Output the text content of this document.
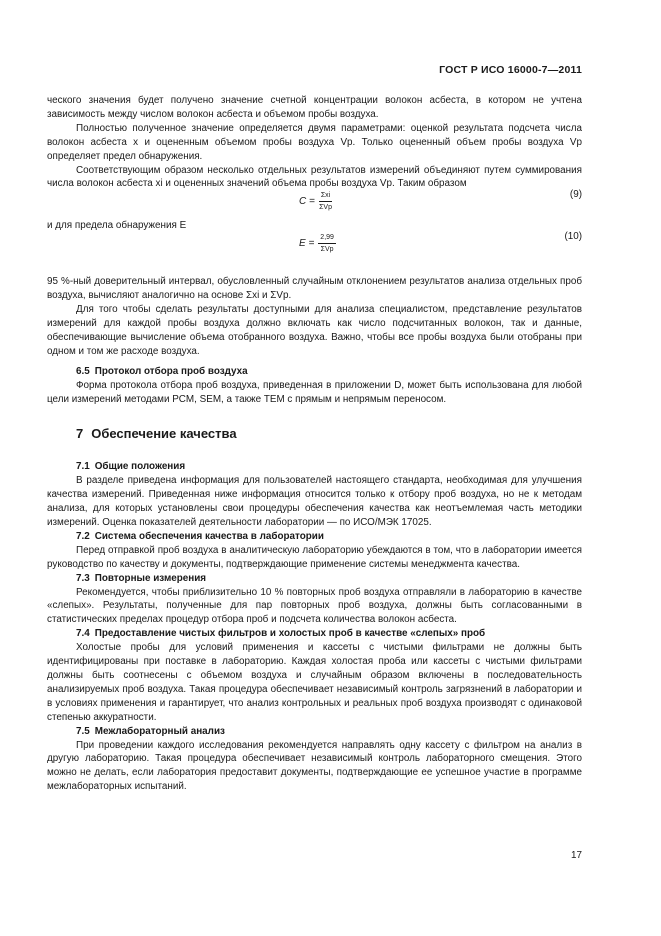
ГОСТ Р ИСО 16000-7—2011

ческого значения будет получено значение счетной концентрации волокон асбеста, в котором не учтена зависимость между числом волокон асбеста и объемом пробы воздуха.

Полностью полученное значение определяется двумя параметрами: оценкой результата подсчета числа волокон асбеста x и оцененным объемом пробы воздуха Vp. Только оцененный объем пробы воздуха Vp определяет предел обнаружения.

Соответствующим образом несколько отдельных результатов измерений объединяют путем суммирования числа волокон асбеста xi и оцененных значений объема пробы воздуха Vp. Таким образом

C =
Σxi
ΣVp
(9)

и для предела обнаружения E

E =
2,99
ΣVp
(10)

95 %-ный доверительный интервал, обусловленный случайным отклонением результатов анализа отдельных проб воздуха, вычисляют аналогично на основе Σxi и ΣVp.

Для того чтобы сделать результаты доступными для анализа специалистом, представление результатов измерений для каждой пробы воздуха должно включать как число подсчитанных волокон, так и данные, обеспечивающие вычисление объема отобранного воздуха. Важно, чтобы все пробы воздуха были отобраны при одном и том же расходе воздуха.

6.5 Протокол отбора проб воздуха

Форма протокола отбора проб воздуха, приведенная в приложении D, может быть использована для любой цели измерений методами PCM, SEM, а также TEM с прямым и непрямым переносом.

7 Обеспечение качества
7.1 Общие положения

В разделе приведена информация для пользователей настоящего стандарта, необходимая для улучшения качества измерений. Приведенная ниже информация относится только к отбору проб воздуха, но не к методам анализа, для которых установлены свои процедуры обеспечения качества как неотъемлемая часть методики измерений. Оценка показателей деятельности лаборатории — по ИСО/МЭК 17025.

7.2 Система обеспечения качества в лаборатории

Перед отправкой проб воздуха в аналитическую лабораторию убеждаются в том, что в лаборатории имеется руководство по качеству и документы, подтверждающие применение системы менеджмента качества.

7.3 Повторные измерения

Рекомендуется, чтобы приблизительно 10 % повторных проб воздуха отправляли в лабораторию в качестве «слепых». Результаты, полученные для пар повторных проб воздуха, должны быть согласованными в статистических пределах процедур отбора проб и подсчета количества волокон асбеста.

7.4 Предоставление чистых фильтров и холостых проб в качестве «слепых» проб

Холостые пробы для условий применения и кассеты с чистыми фильтрами не должны быть идентифицированы при поставке в лабораторию. Каждая холостая проба или кассеты с чистыми фильтрами должны быть соотнесены с объемом воздуха и случайным образом включены в последовательность анализируемых проб воздуха. Такая процедура обеспечивает независимый контроль загрязнений в лаборатории и в условиях применения и гарантирует, что анализ контрольных и реальных проб воздуха производят с одинаковой степенью аккуратности.

7.5 Межлабораторный анализ

При проведении каждого исследования рекомендуется направлять одну кассету с фильтром на анализ в другую лабораторию. Такая процедура обеспечивает независимый контроль лабораторного смещения. Этого можно не делать, если лаборатория предоставит документы, подтверждающие ее успешное участие в программе межлабораторных испытаний.

17
